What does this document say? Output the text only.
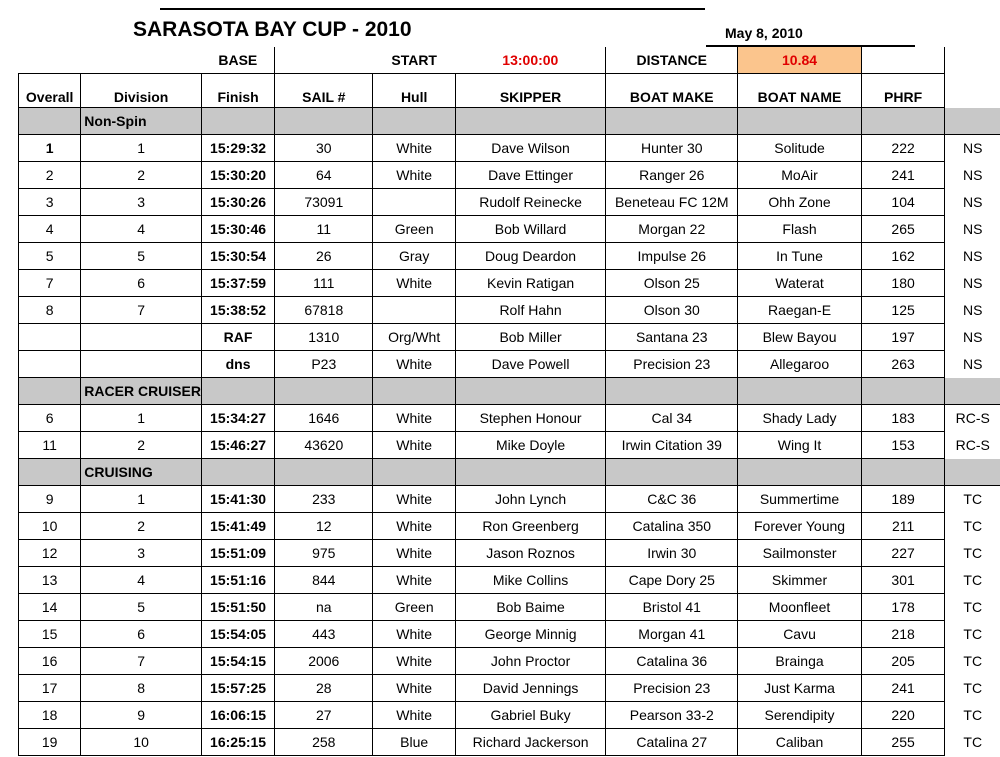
SARASOTA BAY CUP - 2010	May 8, 2010
		BASE		START	13:00:00	DISTANCE	10.84		
Overall	Division	Finish	SAIL #	Hull	SKIPPER	BOAT MAKE	BOAT NAME	PHRF	
	Non-Spin								
1	1	15:29:32	30	White	Dave Wilson	Hunter 30	Solitude	222	NS
2	2	15:30:20	64	White	Dave Ettinger	Ranger 26	MoAir	241	NS
3	3	15:30:26	73091		Rudolf Reinecke	Beneteau FC 12M	Ohh Zone	104	NS
4	4	15:30:46	11	Green	Bob Willard	Morgan 22	Flash	265	NS
5	5	15:30:54	26	Gray	Doug Deardon	Impulse 26	In Tune	162	NS
7	6	15:37:59	111	White	Kevin Ratigan	Olson 25	Waterat	180	NS
8	7	15:38:52	67818		Rolf Hahn	Olson 30	Raegan-E	125	NS
		RAF	1310	Org/Wht	Bob Miller	Santana 23	Blew Bayou	197	NS
		dns	P23	White	Dave Powell	Precision 23	Allegaroo	263	NS
	RACER CRUISER								
6	1	15:34:27	1646	White	Stephen Honour	Cal 34	Shady Lady	183	RC-S
11	2	15:46:27	43620	White	Mike Doyle	Irwin Citation 39	Wing It	153	RC-S
	CRUISING								
9	1	15:41:30	233	White	John Lynch	C&C 36	Summertime	189	TC
10	2	15:41:49	12	White	Ron Greenberg	Catalina 350	Forever Young	211	TC
12	3	15:51:09	975	White	Jason Roznos	Irwin 30	Sailmonster	227	TC
13	4	15:51:16	844	White	Mike Collins	Cape Dory 25	Skimmer	301	TC
14	5	15:51:50	na	Green	Bob Baime	Bristol 41	Moonfleet	178	TC
15	6	15:54:05	443	White	George Minnig	Morgan 41	Cavu	218	TC
16	7	15:54:15	2006	White	John Proctor	Catalina 36	Brainga	205	TC
17	8	15:57:25	28	White	David Jennings	Precision 23	Just Karma	241	TC
18	9	16:06:15	27	White	Gabriel Buky	Pearson 33-2	Serendipity	220	TC
19	10	16:25:15	258	Blue	Richard Jackerson	Catalina 27	Caliban	255	TC
